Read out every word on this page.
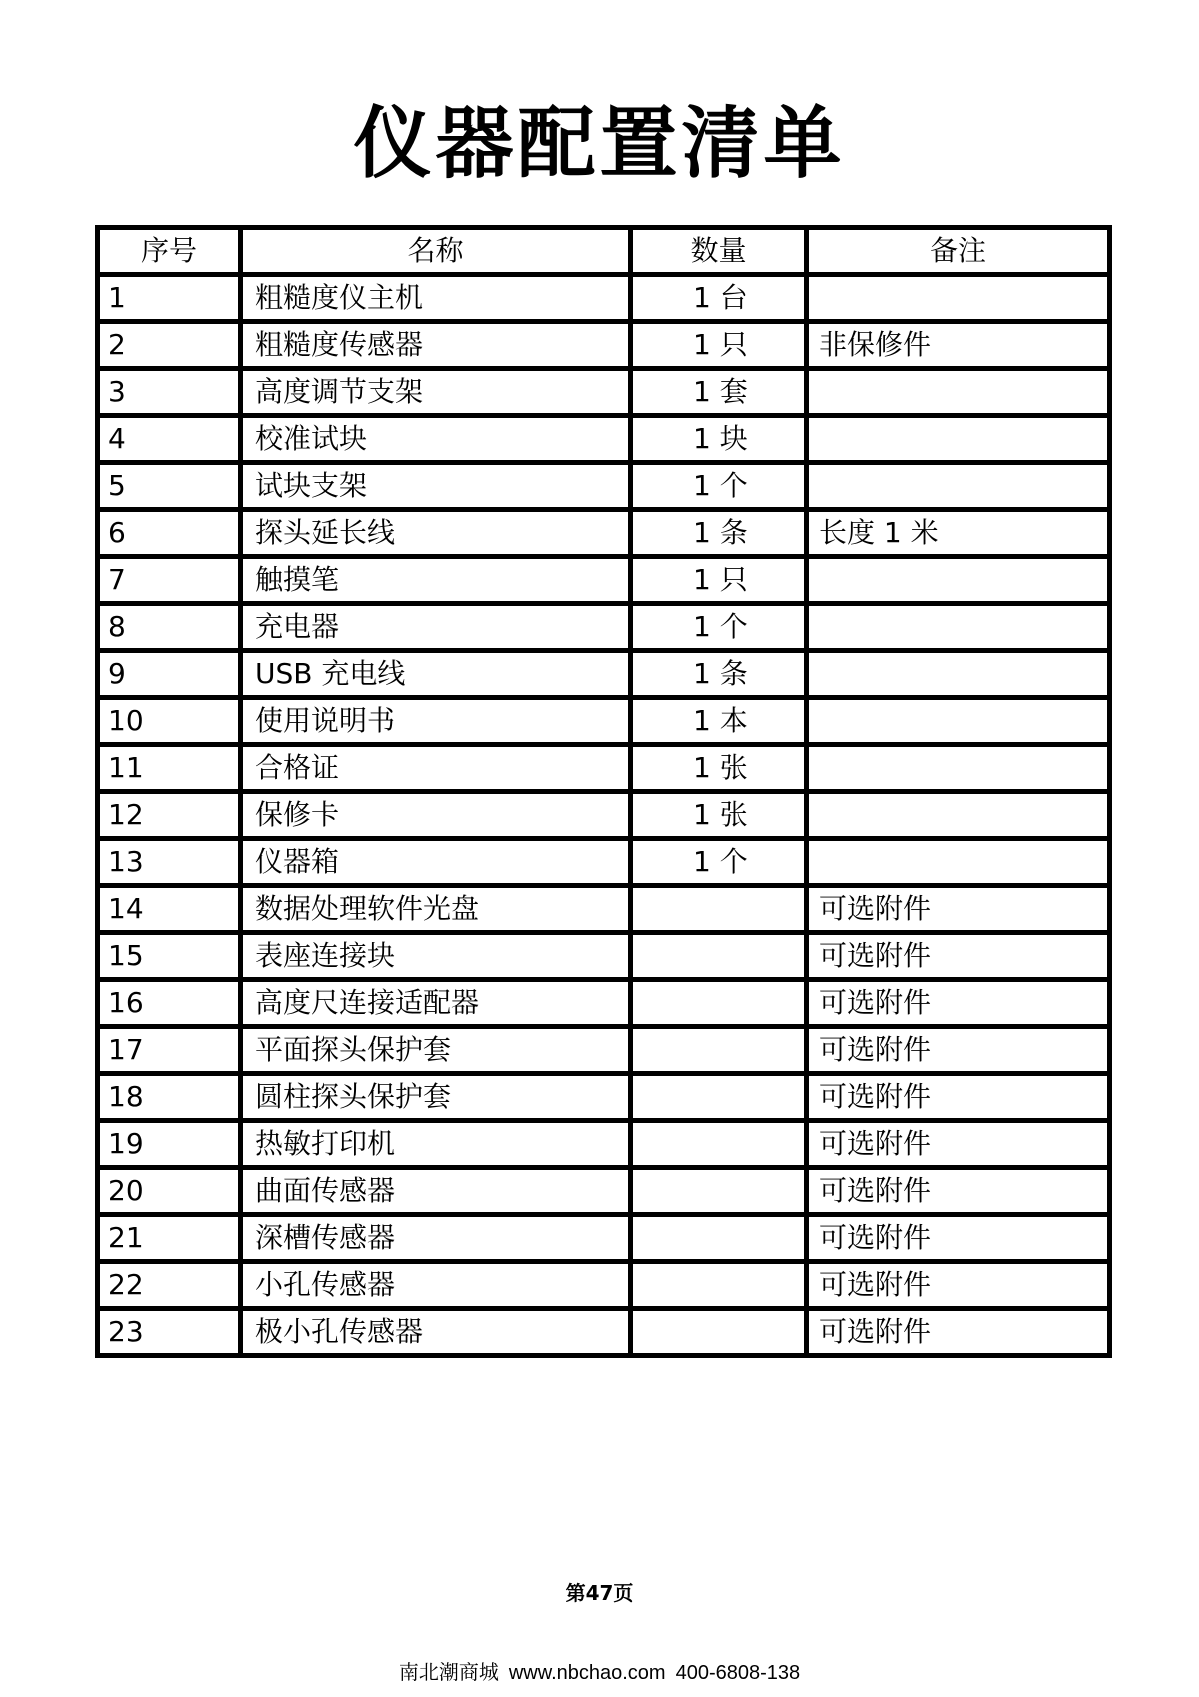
仪器配置清单
序号	名称	数量	备注
1	粗糙度仪主机	1 台	
2	粗糙度传感器	1 只	非保修件
3	高度调节支架	1 套	
4	校准试块	1 块	
5	试块支架	1 个	
6	探头延长线	1 条	长度 1 米
7	触摸笔	1 只	
8	充电器	1 个	
9	USB 充电线	1 条	
10	使用说明书	1 本	
11	合格证	1 张	
12	保修卡	1 张	
13	仪器箱	1 个	
14	数据处理软件光盘		可选附件
15	表座连接块		可选附件
16	高度尺连接适配器		可选附件
17	平面探头保护套		可选附件
18	圆柱探头保护套		可选附件
19	热敏打印机		可选附件
20	曲面传感器		可选附件
21	深槽传感器		可选附件
22	小孔传感器		可选附件
23	极小孔传感器		可选附件
第47页
南北潮商城 www.nbchao.com 400-6808-138
